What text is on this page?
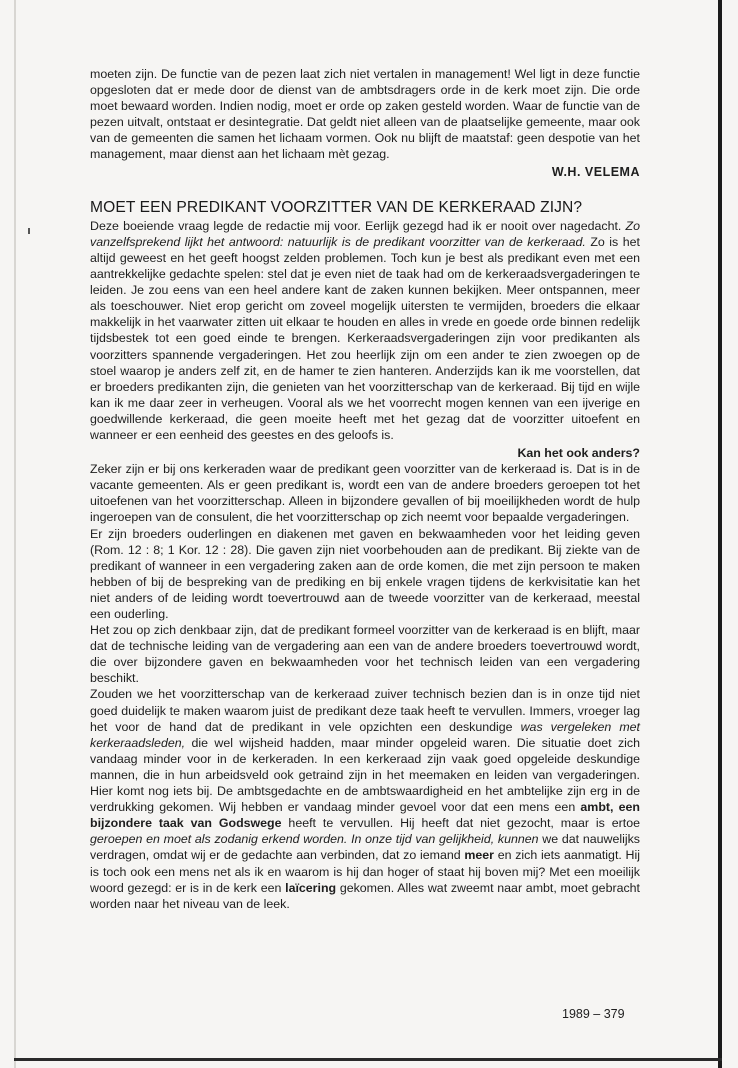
moeten zijn. De functie van de pezen laat zich niet vertalen in management! Wel ligt in deze functie opgesloten dat er mede door de dienst van de ambtsdragers orde in de kerk moet zijn. Die orde moet bewaard worden. Indien nodig, moet er orde op zaken gesteld worden. Waar de functie van de pezen uitvalt, ontstaat er desintegratie. Dat geldt niet alleen van de plaatselijke gemeente, maar ook van de gemeenten die samen het lichaam vormen. Ook nu blijft de maatstaf: geen despotie van het management, maar dienst aan het lichaam mèt gezag.

W.H. VELEMA

MOET EEN PREDIKANT VOORZITTER VAN DE KERKERAAD ZIJN?

Deze boeiende vraag legde de redactie mij voor. Eerlijk gezegd had ik er nooit over nagedacht. Zo vanzelfsprekend lijkt het antwoord: natuurlijk is de predikant voorzitter van de kerkeraad. Zo is het altijd geweest en het geeft hoogst zelden problemen. Toch kun je best als predikant even met een aantrekkelijke gedachte spelen: stel dat je even niet de taak had om de kerkeraadsvergaderingen te leiden. Je zou eens van een heel andere kant de zaken kunnen bekijken. Meer ontspannen, meer als toeschouwer. Niet erop gericht om zoveel mogelijk uitersten te vermijden, broeders die elkaar makkelijk in het vaarwater zitten uit elkaar te houden en alles in vrede en goede orde binnen redelijk tijdsbestek tot een goed einde te brengen. Kerkeraadsvergaderingen zijn voor predikanten als voorzitters spannende vergaderingen. Het zou heerlijk zijn om een ander te zien zwoegen op de stoel waarop je anders zelf zit, en de hamer te zien hanteren. Anderzijds kan ik me voorstellen, dat er broeders predikanten zijn, die genieten van het voorzitterschap van de kerkeraad. Bij tijd en wijle kan ik me daar zeer in verheugen. Vooral als we het voorrecht mogen kennen van een ijverige en goedwillende kerkeraad, die geen moeite heeft met het gezag dat de voorzitter uitoefent en wanneer er een eenheid des geestes en des geloofs is.

Kan het ook anders?

Zeker zijn er bij ons kerkeraden waar de predikant geen voorzitter van de kerkeraad is. Dat is in de vacante gemeenten. Als er geen predikant is, wordt een van de andere broeders geroepen tot het uitoefenen van het voorzitterschap. Alleen in bijzondere gevallen of bij moeilijkheden wordt de hulp ingeroepen van de consulent, die het voorzitterschap op zich neemt voor bepaalde vergaderingen.

Er zijn broeders ouderlingen en diakenen met gaven en bekwaamheden voor het leiding geven (Rom. 12 : 8; 1 Kor. 12 : 28). Die gaven zijn niet voorbehouden aan de predikant. Bij ziekte van de predikant of wanneer in een vergadering zaken aan de orde komen, die met zijn persoon te maken hebben of bij de bespreking van de prediking en bij enkele vragen tijdens de kerkvisitatie kan het niet anders of de leiding wordt toevertrouwd aan de tweede voorzitter van de kerkeraad, meestal een ouderling.

Het zou op zich denkbaar zijn, dat de predikant formeel voorzitter van de kerkeraad is en blijft, maar dat de technische leiding van de vergadering aan een van de andere broeders toevertrouwd wordt, die over bijzondere gaven en bekwaamheden voor het technisch leiden van een vergadering beschikt.

Zouden we het voorzitterschap van de kerkeraad zuiver technisch bezien dan is in onze tijd niet goed duidelijk te maken waarom juist de predikant deze taak heeft te vervullen. Immers, vroeger lag het voor de hand dat de predikant in vele opzichten een deskundige was vergeleken met kerkeraadsleden, die wel wijsheid hadden, maar minder opgeleid waren. Die situatie doet zich vandaag minder voor in de kerkeraden. In een kerkeraad zijn vaak goed opgeleide deskundige mannen, die in hun arbeidsveld ook getraind zijn in het meemaken en leiden van vergaderingen. Hier komt nog iets bij. De ambtsgedachte en de ambtswaardigheid en het ambtelijke zijn erg in de verdrukking gekomen. Wij hebben er vandaag minder gevoel voor dat een mens een ambt, een bijzondere taak van Godswege heeft te vervullen. Hij heeft dat niet gezocht, maar is ertoe geroepen en moet als zodanig erkend worden. In onze tijd van gelijkheid, kunnen we dat nauwelijks verdragen, omdat wij er de gedachte aan verbinden, dat zo iemand meer en zich iets aanmatigt. Hij is toch ook een mens net als ik en waarom is hij dan hoger of staat hij boven mij? Met een moeilijk woord gezegd: er is in de kerk een laïcering gekomen. Alles wat zweemt naar ambt, moet gebracht worden naar het niveau van de leek.

1989 – 379
